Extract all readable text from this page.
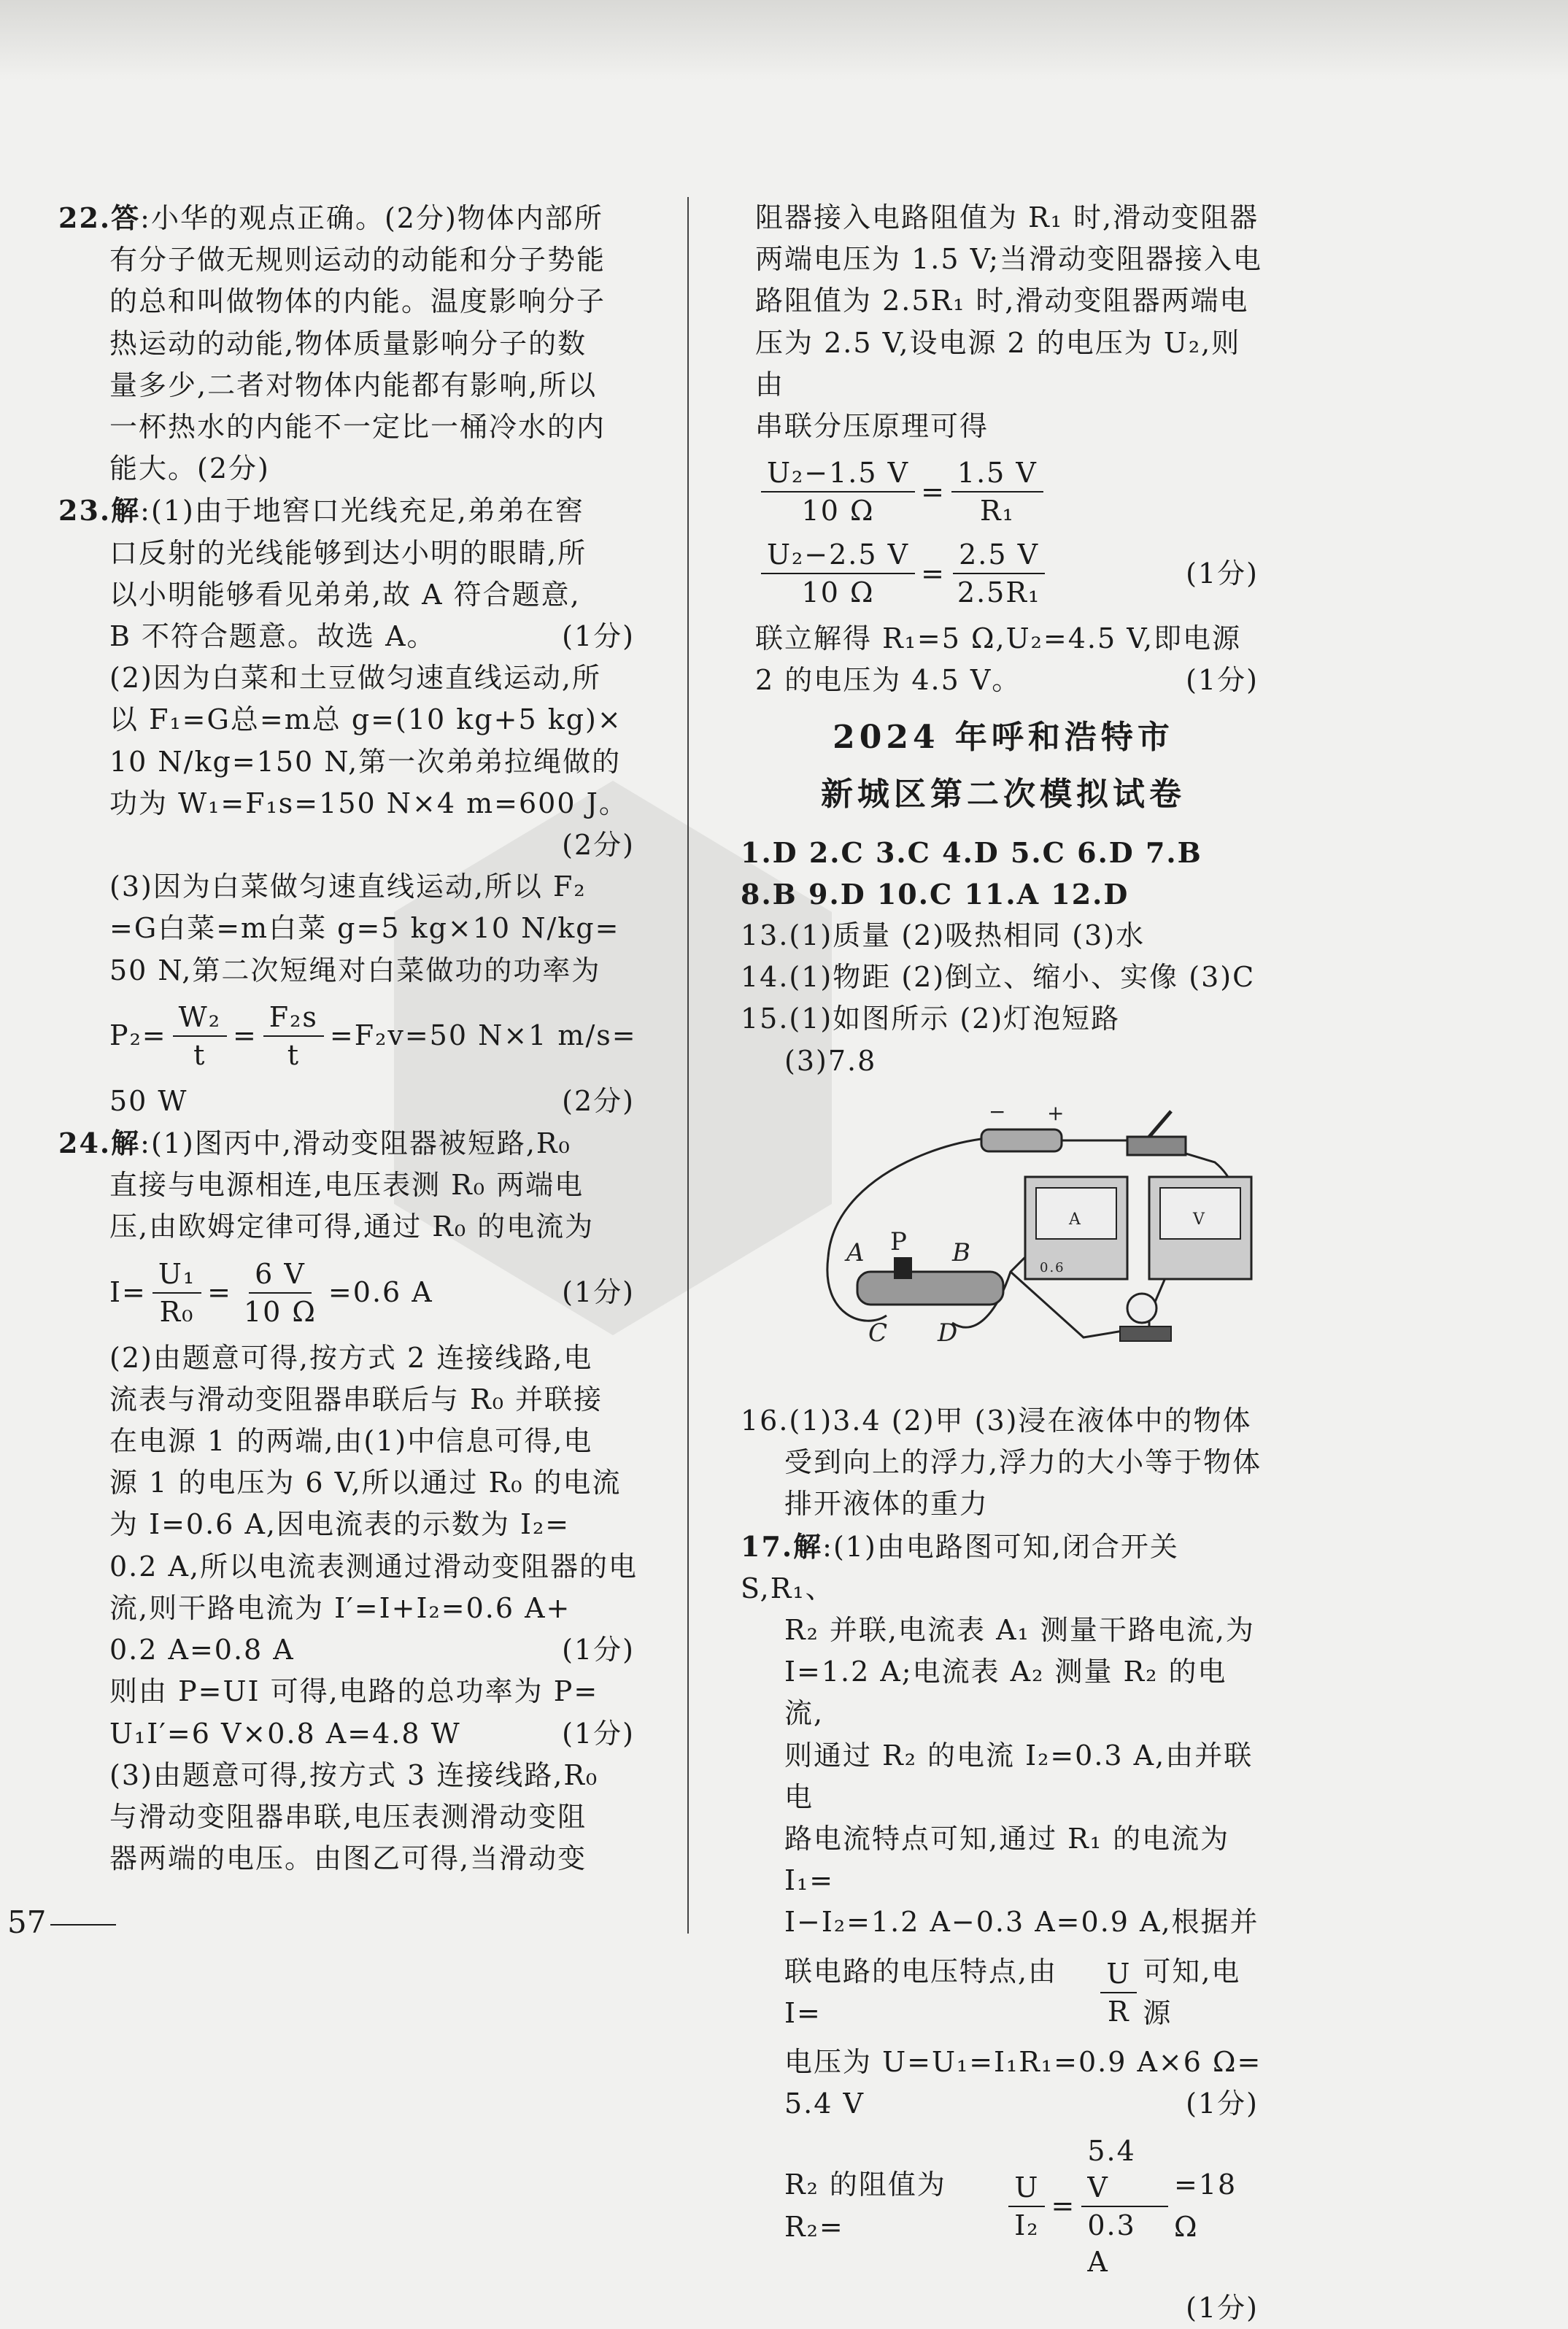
22.答:小华的观点正确。(2分)物体内部所

有分子做无规则运动的动能和分子势能

的总和叫做物体的内能。温度影响分子

热运动的动能,物体质量影响分子的数

量多少,二者对物体内能都有影响,所以

一杯热水的内能不一定比一桶冷水的内

能大。(2分)

23.解:(1)由于地窖口光线充足,弟弟在窖

口反射的光线能够到达小明的眼睛,所

以小明能够看见弟弟,故 A 符合题意,

B 不符合题意。故选 A。	(1分)

(2)因为白菜和土豆做匀速直线运动,所

以 F₁=G总=m总 g=(10 kg+5 kg)×

10 N/kg=150 N,第一次弟弟拉绳做的

功为 W₁=F₁s=150 N×4 m=600 J。

(2分)

(3)因为白菜做匀速直线运动,所以 F₂

=G白菜=m白菜 g=5 kg×10 N/kg=

50 N,第二次短绳对白菜做功的功率为

$P_2= \frac{\text{W₂}}{t} = \frac{\text{F₂s}}{t} =F_2v=50$ N×1 m/s=

50 W	(2分)

24.解:(1)图丙中,滑动变阻器被短路,R₀

直接与电源相连,电压表测 R₀ 两端电

压,由欧姆定律可得,通过 R₀ 的电流为

$I= \frac{\text{U₁}}{\text{R₀}} = \frac{6 V}{10 \Omega} =0.6$ A	(1分)

(2)由题意可得,按方式 2 连接线路,电

流表与滑动变阻器串联后与 R₀ 并联接

在电源 1 的两端,由(1)中信息可得,电

源 1 的电压为 6 V,所以通过 R₀ 的电流

为 I=0.6 A,因电流表的示数为 I₂=

0.2 A,所以电流表测通过滑动变阻器的电

流,则干路电流为 I′=I+I₂=0.6 A+

0.2 A=0.8 A	(1分)

则由 P=UI 可得,电路的总功率为 P=

U₁I′=6 V×0.8 A=4.8 W	(1分)

(3)由题意可得,按方式 3 连接线路,R₀

与滑动变阻器串联,电压表测滑动变阻

器两端的电压。由图乙可得,当滑动变

阻器接入电路阻值为 R₁ 时,滑动变阻器

两端电压为 1.5 V;当滑动变阻器接入电

路阻值为 2.5R₁ 时,滑动变阻器两端电

压为 2.5 V,设电源 2 的电压为 U₂,则由

串联分压原理可得

$\frac{\text{U₂−1.5 V}}{10 \Omega} = \frac{1.5 V}{\text{R₁}}$
$\frac{\text{U₂−2.5 V}}{10 \Omega} = \frac{2.5 V}{\text{2.5R₁}}$	(1分)

联立解得 R₁=5 Ω,U₂=4.5 V,即电源

2 的电压为 4.5 V。	(1分)

2024 年呼和浩特市
新城区第二次模拟试卷

1.D 2.C 3.C 4.D 5.C 6.D 7.B

8.B 9.D 10.C 11.A 12.D

13.(1)质量 (2)吸热相同 (3)水

14.(1)物距 (2)倒立、缩小、实像 (3)C

15.(1)如图所示 (2)灯泡短路

(3)7.8

− +
A
0.6
V
A P B
C D

16.(1)3.4 (2)甲 (3)浸在液体中的物体

受到向上的浮力,浮力的大小等于物体

排开液体的重力

17.解:(1)由电路图可知,闭合开关 S,R₁、

R₂ 并联,电流表 A₁ 测量干路电流,为

I=1.2 A;电流表 A₂ 测量 R₂ 的电流,

则通过 R₂ 的电流 I₂=0.3 A,由并联电

路电流特点可知,通过 R₁ 的电流为 I₁=

I−I₂=1.2 A−0.3 A=0.9 A,根据并

联电路的电压特点,由 I=	$\frac{U}{R}$ 可知,电源

电压为 U=U₁=I₁R₁=0.9 A×6 Ω=

5.4 V	(1分)

R₂ 的阻值为 R₂=	$\frac{U}{\text{I₂}} = \frac{5.4 V}{0.3 A} =18$ Ω

(1分)

57
